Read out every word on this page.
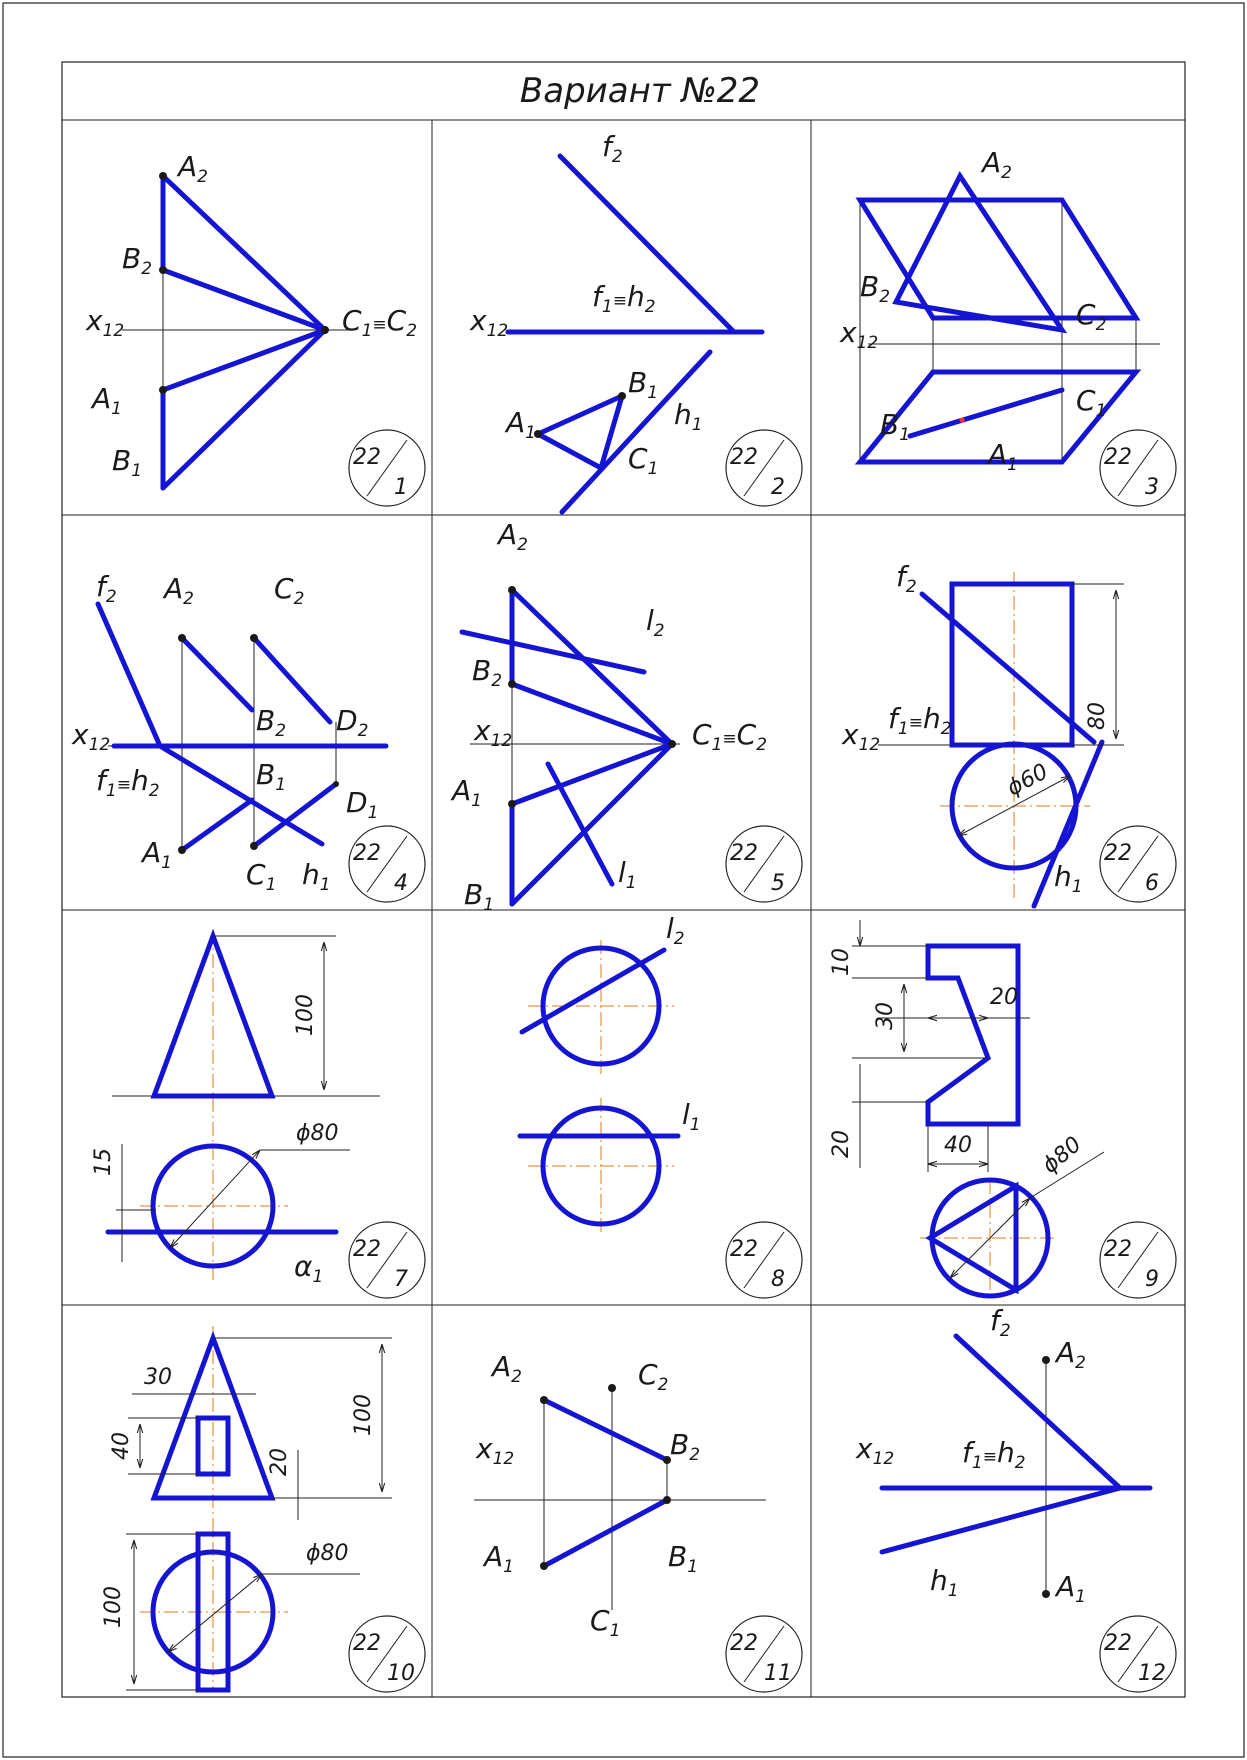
Вариант №22
$A_2$
$B_2$
$x_{12}$	$C_1^\equiv C_2$
$A_1$
$B_1$
$f_2$
$x_{12}$
$f_1^\equiv h_2$
$B_1$
$A_1$
$h_1$
$C_1$
$A_2$
$B_2$
$C_2$
$x_{12}$
$C_1$
$B_1$
$A_1$
$f_2$ $A_2$	$C_2$
$B_2$ $D_2$
$x_{12}$
$f_1^\equiv h_2$	$B_1$
$D_1$
$A_1$	$C_1$ $h_1$
$A_2$
$l_2$
$B_2$
$x_{12}$	$C_1^\equiv C_2$
$A_1$
$l_1$
$B_1$
$f_2$
$f_1^\equiv h_2$
$x_{12}$
$h_1$
80
ϕ60
100
ϕ80
15
$\alpha_1$
$l_2$
$l_1$
10
30
20
20	40	ϕ80
30
40
20
100
ϕ80
100
$A_2$	$C_2$
$x_{12}$	$B_2$
$A_1$	$B_1$
$C_1$
$f_2$
$A_2$
$x_{12}$ $f_1^\equiv h_2$
$h_1$	$A_1$
22
1
22
2
22
3
22
4
22
5
22
6
22
7
22
8
22
9
22
10
22
11
22
12
